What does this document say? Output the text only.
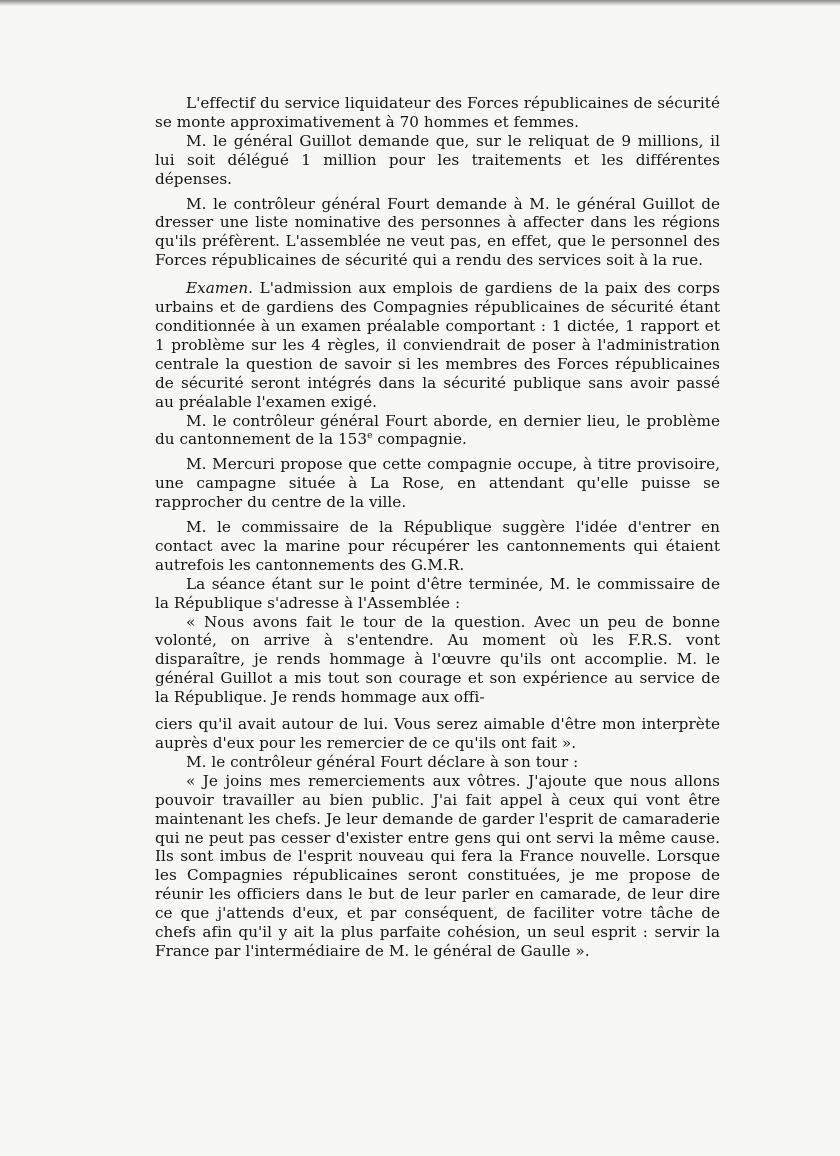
L'effectif du service liquidateur des Forces républicaines de sécurité se monte approximativement à 70 hommes et femmes.

M. le général Guillot demande que, sur le reliquat de 9 millions, il lui soit délégué 1 million pour les traitements et les différentes dépenses.

M. le contrôleur général Fourt demande à M. le général Guillot de dresser une liste nominative des personnes à affecter dans les régions qu'ils préfèrent. L'assemblée ne veut pas, en effet, que le personnel des Forces républicaines de sécurité qui a rendu des services soit à la rue.

Examen. L'admission aux emplois de gardiens de la paix des corps urbains et de gardiens des Compagnies républicaines de sécurité étant conditionnée à un examen préalable comportant : 1 dictée, 1 rapport et 1 problème sur les 4 règles, il conviendrait de poser à l'administration centrale la question de savoir si les membres des Forces républicaines de sécurité seront intégrés dans la sécurité publique sans avoir passé au préalable l'examen exigé.

M. le contrôleur général Fourt aborde, en dernier lieu, le problème du cantonnement de la 153e compagnie.

M. Mercuri propose que cette compagnie occupe, à titre provisoire, une campagne située à La Rose, en attendant qu'elle puisse se rapprocher du centre de la ville.

M. le commissaire de la République suggère l'idée d'entrer en contact avec la marine pour récupérer les cantonnements qui étaient autrefois les cantonnements des G.M.R.

La séance étant sur le point d'être terminée, M. le commissaire de la République s'adresse à l'Assemblée :

« Nous avons fait le tour de la question. Avec un peu de bonne volonté, on arrive à s'entendre. Au moment où les F.R.S. vont disparaître, je rends hommage à l'œuvre qu'ils ont accomplie. M. le général Guillot a mis tout son courage et son expérience au service de la République. Je rends hommage aux offi-

ciers qu'il avait autour de lui. Vous serez aimable d'être mon interprète auprès d'eux pour les remercier de ce qu'ils ont fait ».

M. le contrôleur général Fourt déclare à son tour :

« Je joins mes remerciements aux vôtres. J'ajoute que nous allons pouvoir travailler au bien public. J'ai fait appel à ceux qui vont être maintenant les chefs. Je leur demande de garder l'esprit de camaraderie qui ne peut pas cesser d'exister entre gens qui ont servi la même cause. Ils sont imbus de l'esprit nouveau qui fera la France nouvelle. Lorsque les Compagnies républicaines seront constituées, je me propose de réunir les officiers dans le but de leur parler en camarade, de leur dire ce que j'attends d'eux, et par conséquent, de faciliter votre tâche de chefs afin qu'il y ait la plus parfaite cohésion, un seul esprit : servir la France par l'intermédiaire de M. le général de Gaulle ».
